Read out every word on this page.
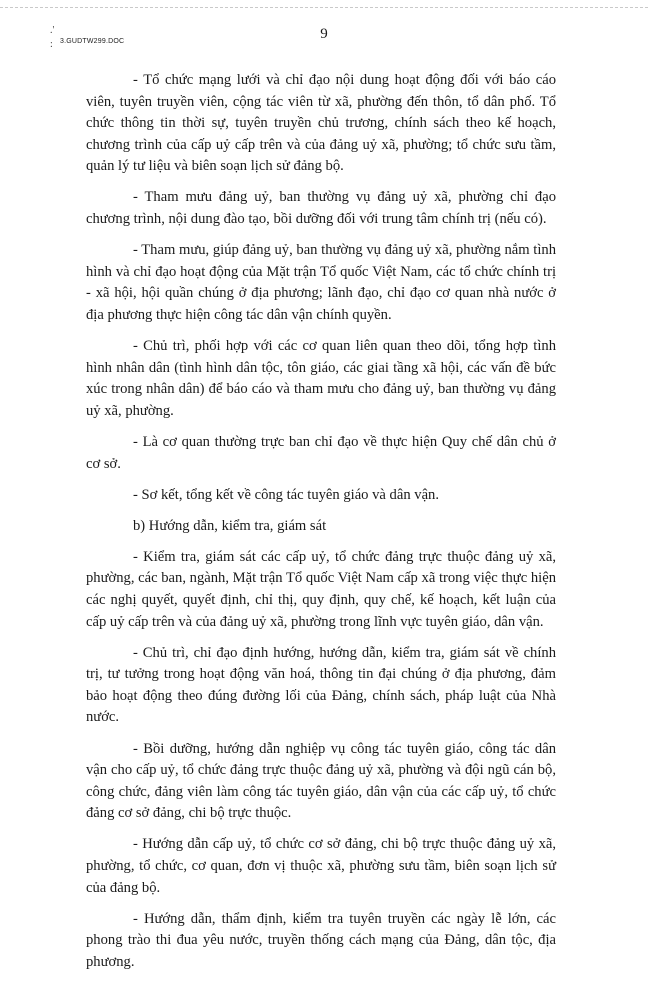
.'
: 3.GUDTW299.DOC	9

- Tổ chức mạng lưới và chỉ đạo nội dung hoạt động đối với báo cáo viên, tuyên truyền viên, cộng tác viên từ xã, phường đến thôn, tổ dân phố. Tổ chức thông tin thời sự, tuyên truyền chủ trương, chính sách theo kế hoạch, chương trình của cấp uỷ cấp trên và của đảng uỷ xã, phường; tổ chức sưu tầm, quản lý tư liệu và biên soạn lịch sử đảng bộ.

- Tham mưu đảng uỷ, ban thường vụ đảng uỷ xã, phường chỉ đạo chương trình, nội dung đào tạo, bồi dưỡng đối với trung tâm chính trị (nếu có).

- Tham mưu, giúp đảng uỷ, ban thường vụ đảng uỷ xã, phường nắm tình hình và chỉ đạo hoạt động của Mặt trận Tổ quốc Việt Nam, các tổ chức chính trị - xã hội, hội quần chúng ở địa phương; lãnh đạo, chỉ đạo cơ quan nhà nước ở địa phương thực hiện công tác dân vận chính quyền.

- Chủ trì, phối hợp với các cơ quan liên quan theo dõi, tổng hợp tình hình nhân dân (tình hình dân tộc, tôn giáo, các giai tầng xã hội, các vấn đề bức xúc trong nhân dân) để báo cáo và tham mưu cho đảng uỷ, ban thường vụ đảng uỷ xã, phường.

- Là cơ quan thường trực ban chỉ đạo về thực hiện Quy chế dân chủ ở cơ sở.

- Sơ kết, tổng kết về công tác tuyên giáo và dân vận.

b) Hướng dẫn, kiểm tra, giám sát

- Kiểm tra, giám sát các cấp uỷ, tổ chức đảng trực thuộc đảng uỷ xã, phường, các ban, ngành, Mặt trận Tổ quốc Việt Nam cấp xã trong việc thực hiện các nghị quyết, quyết định, chỉ thị, quy định, quy chế, kế hoạch, kết luận của cấp uỷ cấp trên và của đảng uỷ xã, phường trong lĩnh vực tuyên giáo, dân vận.

- Chủ trì, chỉ đạo định hướng, hướng dẫn, kiểm tra, giám sát về chính trị, tư tưởng trong hoạt động văn hoá, thông tin đại chúng ở địa phương, đảm bảo hoạt động theo đúng đường lối của Đảng, chính sách, pháp luật của Nhà nước.

- Bồi dưỡng, hướng dẫn nghiệp vụ công tác tuyên giáo, công tác dân vận cho cấp uỷ, tổ chức đảng trực thuộc đảng uỷ xã, phường và đội ngũ cán bộ, công chức, đảng viên làm công tác tuyên giáo, dân vận của các cấp uỷ, tổ chức đảng cơ sở đảng, chi bộ trực thuộc.

- Hướng dẫn cấp uỷ, tổ chức cơ sở đảng, chi bộ trực thuộc đảng uỷ xã, phường, tổ chức, cơ quan, đơn vị thuộc xã, phường sưu tầm, biên soạn lịch sử của đảng bộ.

- Hướng dẫn, thẩm định, kiểm tra tuyên truyền các ngày lễ lớn, các phong trào thi đua yêu nước, truyền thống cách mạng của Đảng, dân tộc, địa phương.
